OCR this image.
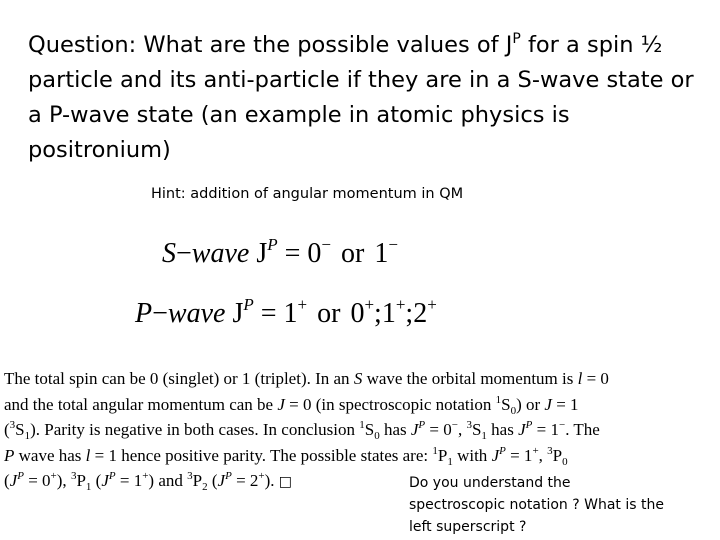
Question: What are the possible values of $J^P$ for a spin ½ particle and its anti-particle if they are in a S-wave state or a P-wave state (an example in atomic physics is positronium)
Hint: addition of angular momentum in QM
S−wave $J^P = 0^-$ or 1−
P−wave $J^P = 1^+$ or 0+;1+;2+
The total spin can be 0 (singlet) or 1 (triplet). In an S wave the orbital momentum is l = 0
and the total angular momentum can be J = 0 (in spectroscopic notation $^1S_0$) or J = 1
$(^3S_1)$. Parity is negative in both cases. In conclusion $^1S_0$ has $J^P = 0^-$, $^3S_1$ has $J^P = 1^-$. The
P wave has l = 1 hence positive parity. The possible states are: $^1P_1$ with $J^P = 1^+$, $^3P_0$
$(J^P = 0^+)$, $^3P_1$ $(J^P = 1^+)$ and $^3P_2$ $(J^P = 2^+)$. □	Do you understand the spectroscopic notation ? What is the left superscript ?
